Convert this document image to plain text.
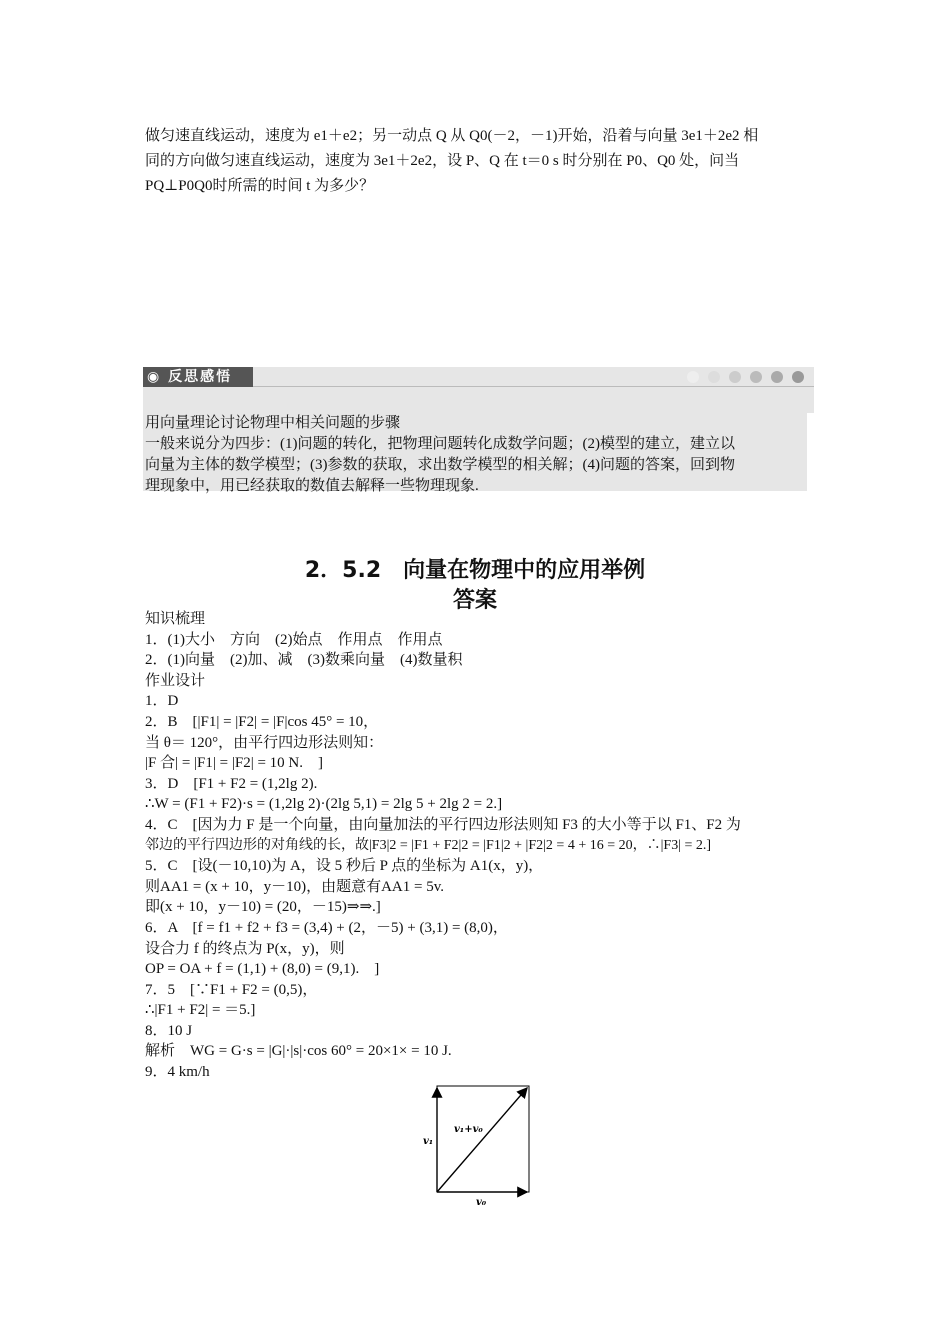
做匀速直线运动，速度为 e1＋e2；另一动点 Q 从 Q0(－2，－1)开始，沿着与向量 3e1＋2e2 相
同的方向做匀速直线运动，速度为 3e1＋2e2，设 P、Q 在 t＝0 s 时分别在 P0、Q0 处，问当
PQ⊥P0Q0时所需的时间 t 为多少？
◉ 反思感悟
用向量理论讨论物理中相关问题的步骤
一般来说分为四步：(1)问题的转化，把物理问题转化成数学问题；(2)模型的建立，建立以
向量为主体的数学模型；(3)参数的获取，求出数学模型的相关解；(4)问题的答案，回到物
理现象中，用已经获取的数值去解释一些物理现象.
2．5.2　向量在物理中的应用举例
答案
知识梳理
1．(1)大小　方向　(2)始点　作用点　作用点
2．(1)向量　(2)加、减　(3)数乘向量　(4)数量积
作业设计
1．D
2．B　[|F1| = |F2| = |F|cos 45° = 10，
当 θ＝ 120°，由平行四边形法则知：
|F 合| = |F1| = |F2| = 10 N.　]
3．D　[F1 + F2 = (1,2lg 2).
∴W = (F1 + F2)·s = (1,2lg 2)·(2lg 5,1) = 2lg 5 + 2lg 2 = 2.]
4．C　[因为力 F 是一个向量，由向量加法的平行四边形法则知 F3 的大小等于以 F1、F2 为
邻边的平行四边形的对角线的长，故|F3|2 = |F1 + F2|2 = |F1|2 + |F2|2 = 4 + 16 = 20，∴|F3| = 2.]
5．C　[设(－10,10)为 A，设 5 秒后 P 点的坐标为 A1(x，y)，
则AA1 = (x + 10，y－10)，由题意有AA1 = 5v.
即(x + 10，y－10) = (20，－15)⇒⇒.]
6．A　[f = f1 + f2 + f3 = (3,4) + (2，－5) + (3,1) = (8,0)，
设合力 f 的终点为 P(x，y)，则
OP = OA + f = (1,1) + (8,0) = (9,1).　]
7．5　[∵F1 + F2 = (0,5)，
∴|F1 + F2| = ＝5.]
8．10 J
解析　WG = G·s = |G|·|s|·cos 60° = 20×1× = 10 J.
9．4 km/h
v₁
v₁+v₀
v₀
